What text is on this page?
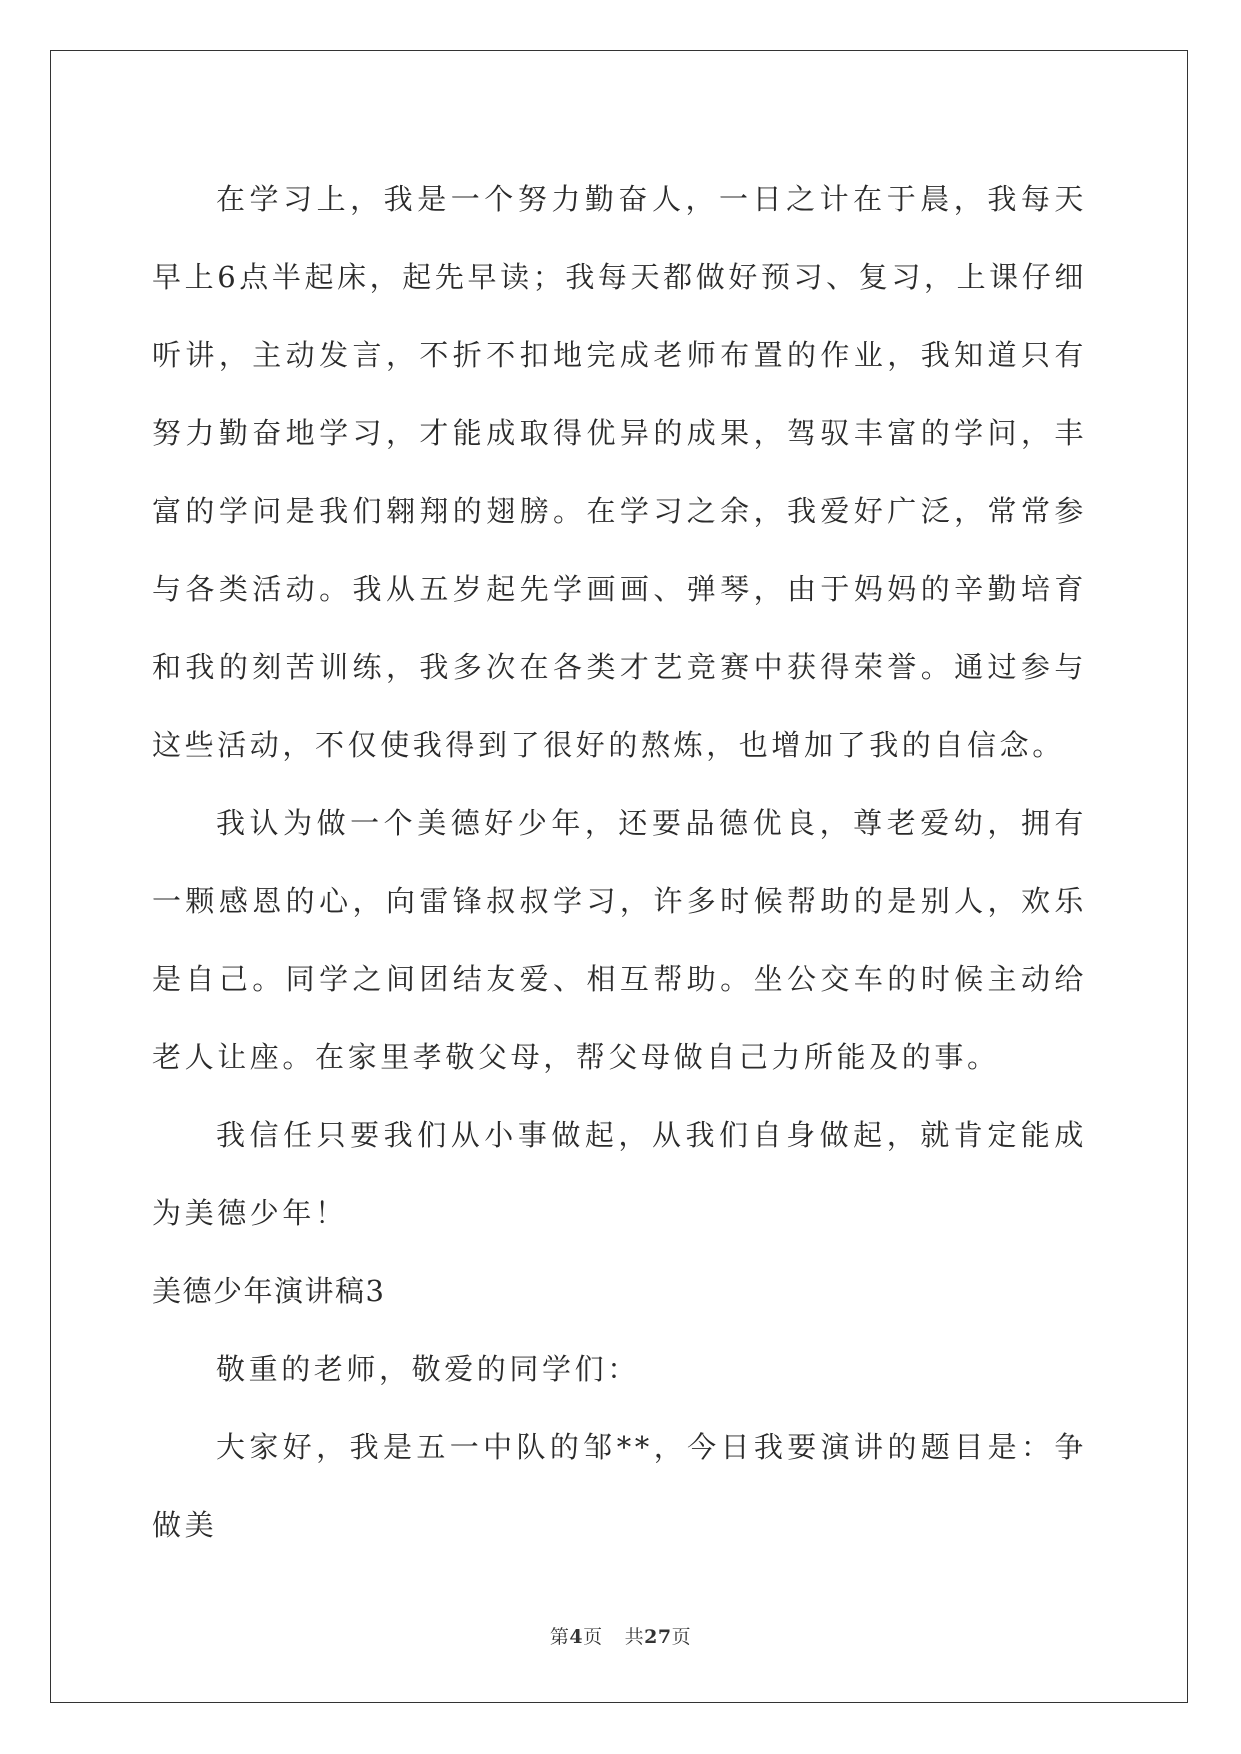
在学习上，我是一个努力勤奋人，一日之计在于晨，我每天早上6点半起床，起先早读；我每天都做好预习、复习，上课仔细听讲，主动发言，不折不扣地完成老师布置的作业，我知道只有努力勤奋地学习，才能成取得优异的成果，驾驭丰富的学问，丰富的学问是我们翱翔的翅膀。在学习之余，我爱好广泛，常常参与各类活动。我从五岁起先学画画、弹琴，由于妈妈的辛勤培育和我的刻苦训练，我多次在各类才艺竞赛中获得荣誉。通过参与这些活动，不仅使我得到了很好的熬炼，也增加了我的自信念。

我认为做一个美德好少年，还要品德优良，尊老爱幼，拥有一颗感恩的心，向雷锋叔叔学习，许多时候帮助的是别人，欢乐是自己。同学之间团结友爱、相互帮助。坐公交车的时候主动给老人让座。在家里孝敬父母，帮父母做自己力所能及的事。

我信任只要我们从小事做起，从我们自身做起，就肯定能成为美德少年！

美德少年演讲稿3

敬重的老师，敬爱的同学们：

大家好，我是五一中队的邹**，今日我要演讲的题目是：争做美

第4页 共27页
